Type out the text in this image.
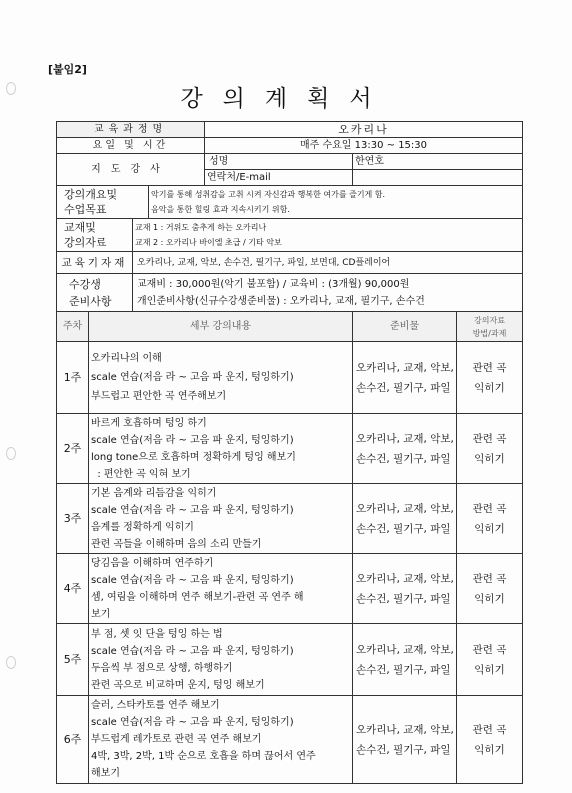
[붙임2]
강의계획서
교육과정명				오카리나		
요일 및 시간				매주 수요일 13:30 ~ 15:30		
지도강사				성명	한연호	
				연락처/E-mail		

강의개요및
수업목표			악기를 통해 성취감을 고취 시켜 자신감과 행복한 여가를 즐기게 함.
음악을 통한 힐링 효과 지속시키기 위함.			

교재및
강의자료		교재 1 : 거위도 춤추게 하는 오카리나
교재 2 : 오카리나 바이엘 초급 / 기타 악보				

교육기자재		오카리나, 교재, 악보, 손수건, 필기구, 파일, 보면대, CD플레이어				

수강생
준비사항		교재비 : 30,000원(악기 불포함) / 교육비 : (3개월) 90,000원
개인준비사항(신규수강생준비물) : 오카리나, 교재, 필기구, 손수건				

주차	세부 강의내용				준비물	강의자료
방법/과제

1주	오카리나의 이해
scale 연습(저음 라 ~ 고음 파 운지, 텅잉하기)
부드럽고 편안한 곡 연주해보기				오카리나, 교재, 악보,
손수건, 필기구, 파일	관련 곡
익히기

2주	바르게 호흡하며 텅잉 하기
scale 연습(저음 라 ~ 고음 파 운지, 텅잉하기)
long tone으로 호흡하며 정확하게 텅잉 해보기
: 편안한 곡 익혀 보기				오카리나, 교재, 악보,
손수건, 필기구, 파일	관련 곡
익히기

3주	기본 음계와 리듬감을 익히기
scale 연습(저음 라 ~ 고음 파 운지, 텅잉하기)
음계를 정확하게 익히기
관련 곡들을 이해하며 음의 소리 만들기				오카리나, 교재, 악보,
손수건, 필기구, 파일	관련 곡
익히기

4주	당김음을 이해하며 연주하기
scale 연습(저음 라 ~ 고음 파 운지, 텅잉하기)
셈, 여림을 이해하며 연주 해보기-관련 곡 연주 해
보기				오카리나, 교재, 악보,
손수건, 필기구, 파일	관련 곡
익히기

5주	부 점, 셋 잇 단을 텅잉 하는 법
scale 연습(저음 라 ~ 고음 파 운지, 텅잉하기)
두음씩 부 점으로 상행, 하행하기
관련 곡으로 비교하며 운지, 텅잉 해보기				오카리나, 교재, 악보,
손수건, 필기구, 파일	관련 곡
익히기

6주	슬러, 스타카토를 연주 해보기
scale 연습(저음 라 ~ 고음 파 운지, 텅잉하기)
부드럽게 레가토로 관련 곡 연주 해보기
4박, 3박, 2박, 1박 순으로 호흡을 하며 끊어서 연주
해보기				오카리나, 교재, 악보,
손수건, 필기구, 파일	관련 곡
익히기
